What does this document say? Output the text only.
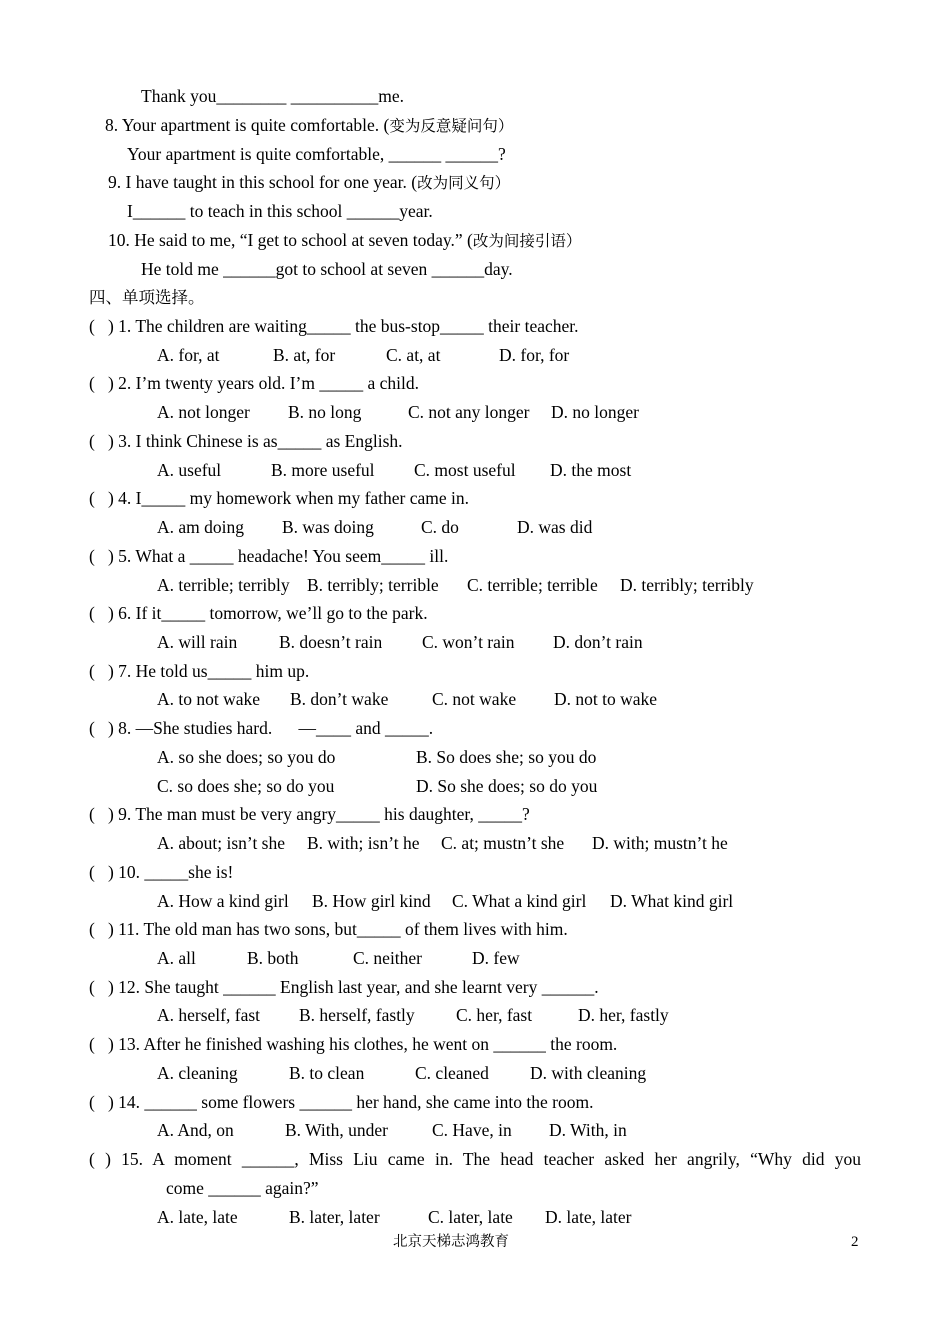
Thank you________ __________me.
8. Your apartment is quite comfortable. (变为反意疑问句）
Your apartment is quite comfortable, ______ ______?
9. I have taught in this school for one year. (改为同义句）
I______ to teach in this school ______year.
10. He said to me, “I get to school at seven today.” (改为间接引语）
He told me ______got to school at seven ______day.
四、单项选择。
(   ) 1. The children are waiting_____ the bus-stop_____ their teacher.
A. for, at	B. at, for	C. at, at	D. for, for
(   ) 2. I’m twenty years old. I’m _____ a child.
A. not longer B. no long	C. not any longer D. no longer
(   ) 3. I think Chinese is as_____ as English.
A. useful	B. more useful C. most useful D. the most
(   ) 4. I_____ my homework when my father came in.
A. am doing B. was doing	C. do	D. was did
(   ) 5. What a _____ headache! You seem_____ ill.
A. terrible; terribly B. terribly; terrible C. terrible; terrible D. terribly; terribly
(   ) 6. If it_____ tomorrow, we’ll go to the park.
A. will rain B. doesn’t rain C. won’t rain D. don’t rain
(   ) 7. He told us_____ him up.
A. to not wake B. don’t wake C. not wake D. not to wake
(   ) 8. —She studies hard.      —____ and _____.
A. so she does; so you do	B. So does she; so you do
C. so does she; so do you	D. So she does; so do you
(   ) 9. The man must be very angry_____ his daughter, _____?
A. about; isn’t she B. with; isn’t he C. at; mustn’t she D. with; mustn’t he
(   ) 10. _____she is!
A. How a kind girl B. How girl kind C. What a kind girl D. What kind girl
(   ) 11. The old man has two sons, but_____ of them lives with him.
A. all	B. both	C. neither	D. few
(   ) 12. She taught ______ English last year, and she learnt very ______.
A. herself, fast B. herself, fastly C. her, fast	D. her, fastly
(   ) 13. After he finished washing his clothes, he went on ______ the room.
A. cleaning	B. to clean	C. cleaned D. with cleaning
(   ) 14. ______ some flowers ______ her hand, she came into the room.
A. And, on	B. With, under	C. Have, in D. With, in
( ) 15. A moment ______, Miss Liu came in. The head teacher asked her angrily, “Why did you
come ______ again?”
A. late, late	B. later, later	C. later, late D. late, later
北京天梯志鸿教育	2
